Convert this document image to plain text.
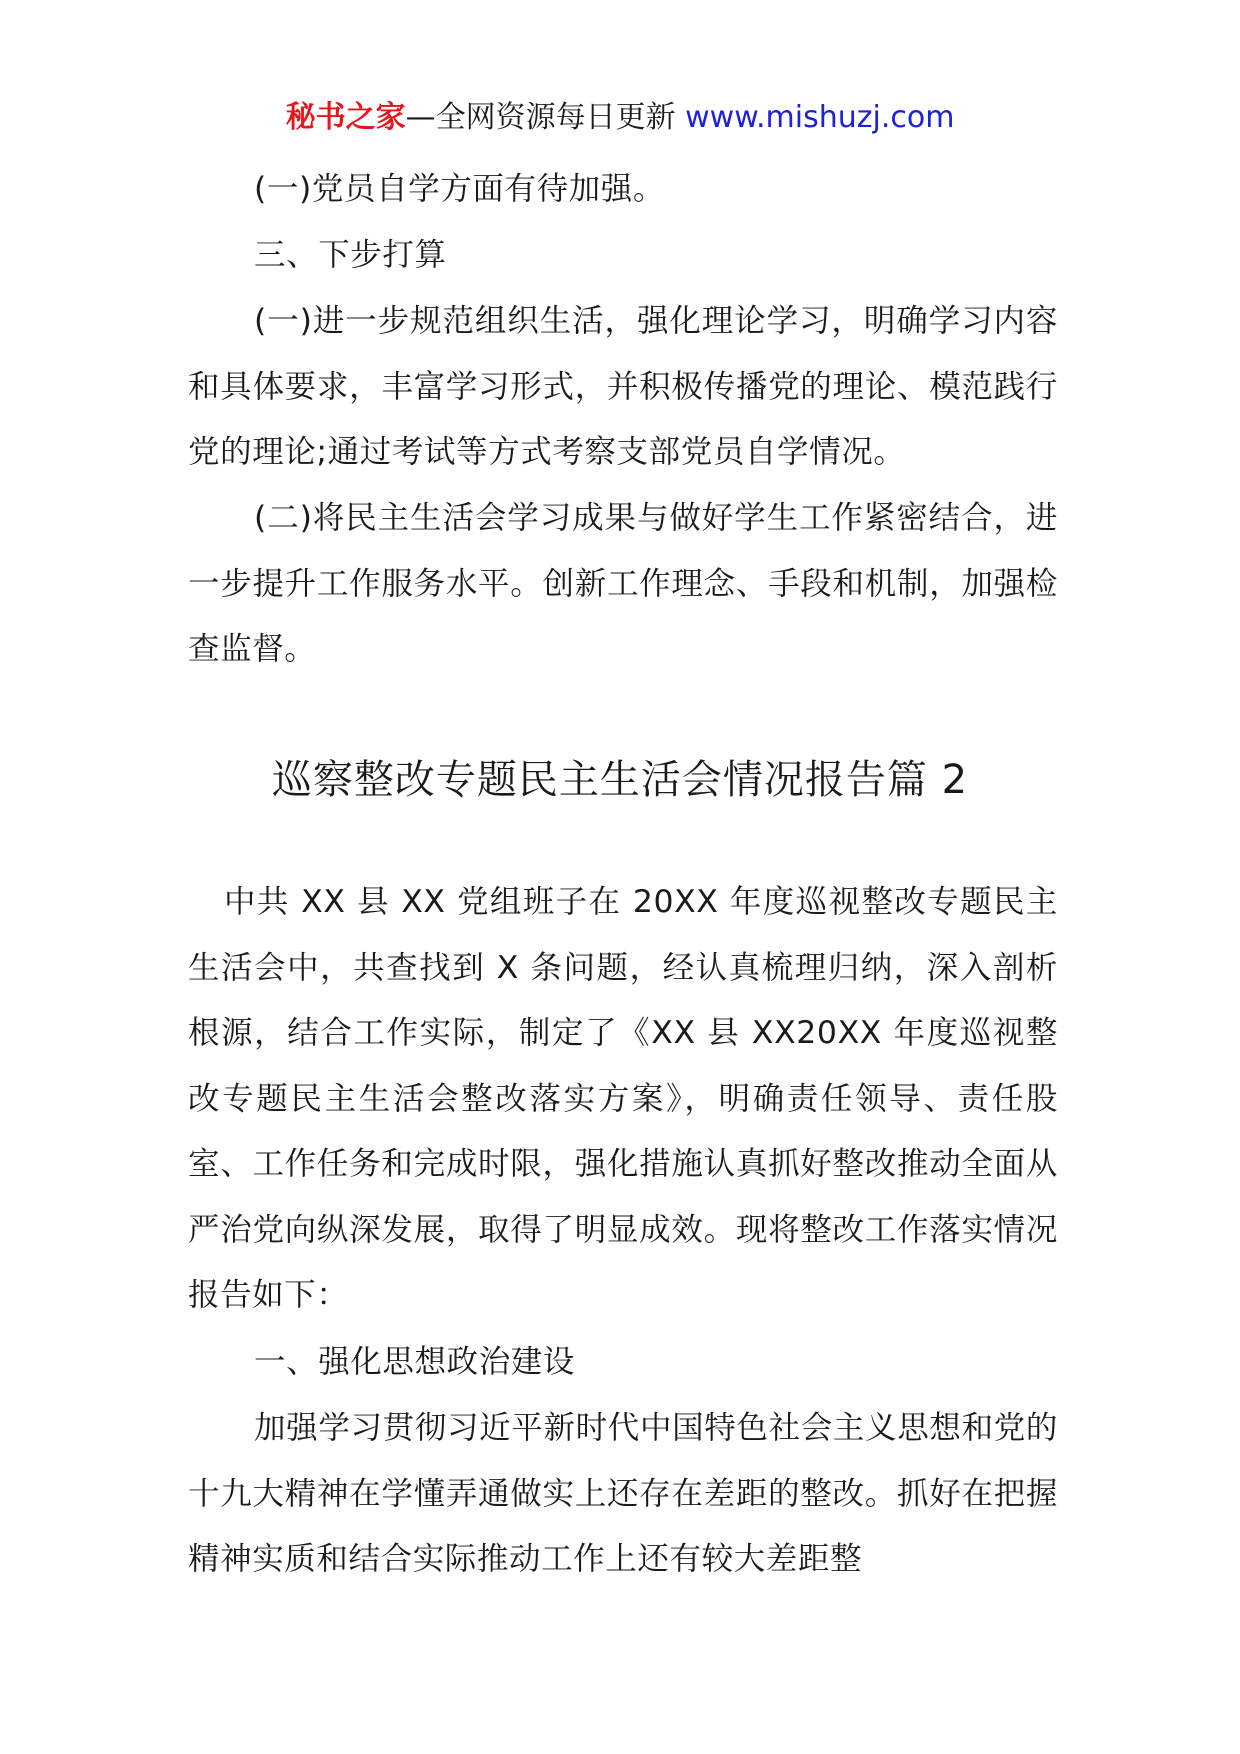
秘书之家—全网资源每日更新 www.mishuzj.com

(一)党员自学方面有待加强。

三、下步打算

(一)进一步规范组织生活，强化理论学习，明确学习内容和具体要求，丰富学习形式，并积极传播党的理论、模范践行党的理论;通过考试等方式考察支部党员自学情况。

(二)将民主生活会学习成果与做好学生工作紧密结合，进一步提升工作服务水平。创新工作理念、手段和机制，加强检查监督。

巡察整改专题民主生活会情况报告篇 2

中共 XX 县 XX 党组班子在 20XX 年度巡视整改专题民主生活会中，共查找到 X 条问题，经认真梳理归纳，深入剖析根源，结合工作实际，制定了《XX 县 XX20XX 年度巡视整改专题民主生活会整改落实方案》，明确责任领导、责任股室、工作任务和完成时限，强化措施认真抓好整改推动全面从严治党向纵深发展，取得了明显成效。现将整改工作落实情况报告如下：

一、强化思想政治建设

加强学习贯彻习近平新时代中国特色社会主义思想和党的十九大精神在学懂弄通做实上还存在差距的整改。抓好在把握精神实质和结合实际推动工作上还有较大差距整
